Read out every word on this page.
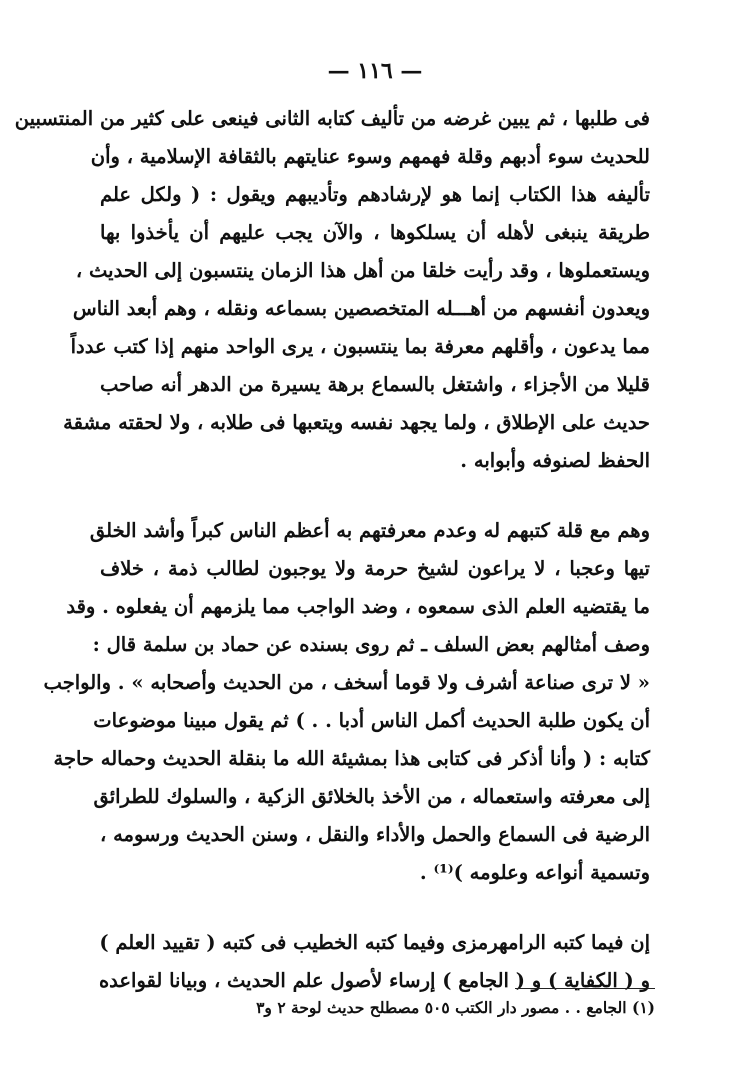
— ١١٦ —

فى طلبها ، ثم يبين غرضه من تأليف كتابه الثانى فينعى على كثير من المنتسبين

للحديث سوء أدبهم وقلة فهمهم وسوء عنايتهم بالثقافة الإسلامية ، وأن

تأليفه هذا الكتاب إنما هو لإرشادهم وتأديبهم ويقول : ( ولكل علم

طريقة ينبغى لأهله أن يسلكوها ، والآن يجب عليهم أن يأخذوا بها

ويستعملوها ، وقد رأيت خلقا من أهل هذا الزمان ينتسبون إلى الحديث ،

ويعدون أنفسهم من أهـــله المتخصصين بسماعه ونقله ، وهم أبعد الناس

مما يدعون ، وأقلهم معرفة بما ينتسبون ، يرى الواحد منهم إذا كتب عدداً

قليلا من الأجزاء ، واشتغل بالسماع برهة يسيرة من الدهر أنه صاحب

حديث على الإطلاق ، ولما يجهد نفسه ويتعبها فى طلابه ، ولا لحقته مشقة

الحفظ لصنوفه وأبوابه .

وهم مع قلة كتبهم له وعدم معرفتهم به أعظم الناس كبراً وأشد الخلق

تيها وعجبا ، لا يراعون لشيخ حرمة ولا يوجبون لطالب ذمة ، خلاف

ما يقتضيه العلم الذى سمعوه ، وضد الواجب مما يلزمهم أن يفعلوه . وقد

وصف أمثالهم بعض السلف ـ ثم روى بسنده عن حماد بن سلمة قال :

« لا ترى صناعة أشرف ولا قوما أسخف ، من الحديث وأصحابه » . والواجب

أن يكون طلبة الحديث أكمل الناس أدبا . . ) ثم يقول مبينا موضوعات

كتابه : ( وأنا أذكر فى كتابى هذا بمشيئة الله ما بنقلة الحديث وحماله حاجة

إلى معرفته واستعماله ، من الأخذ بالخلائق الزكية ، والسلوك للطرائق

الرضية فى السماع والحمل والأداء والنقل ، وسنن الحديث ورسومه ،

وتسمية أنواعه وعلومه )⁽¹⁾ .

إن فيما كتبه الرامهرمزى وفيما كتبه الخطيب فى كتبه ( تقييد العلم )

و ( الكفاية ) و ( الجامع ) إرساء لأصول علم الحديث ، وبيانا لقواعده

(١) الجامع . . مصور دار الكتب ٥٠٥ مصطلح حديث لوحة ٢ و٣
